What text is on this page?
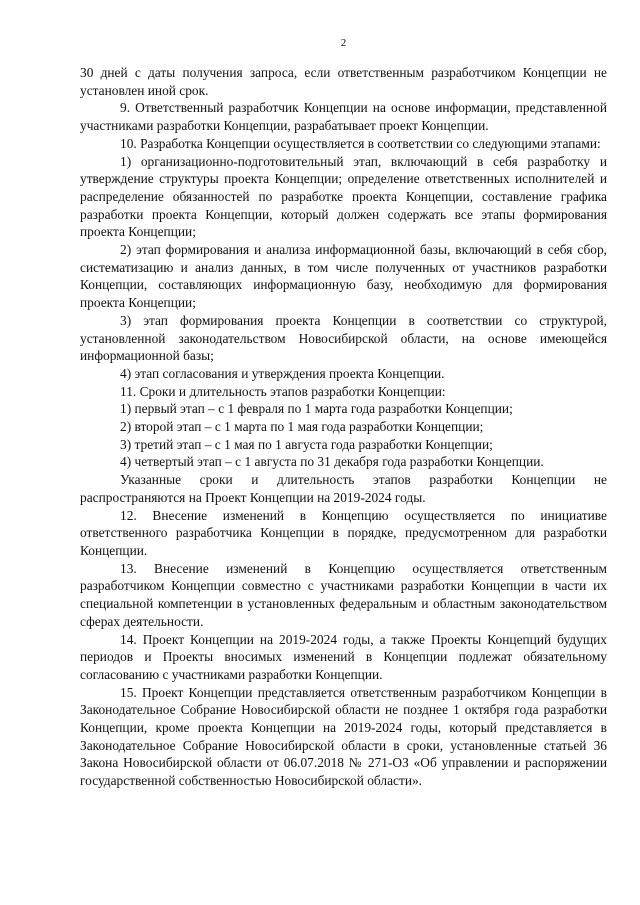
2

30 дней с даты получения запроса, если ответственным разработчиком Концепции не установлен иной срок.

9. Ответственный разработчик Концепции на основе информации, представленной участниками разработки Концепции, разрабатывает проект Концепции.

10. Разработка Концепции осуществляется в соответствии со следующими этапами:

1) организационно-подготовительный этап, включающий в себя разработку и утверждение структуры проекта Концепции; определение ответственных исполнителей и распределение обязанностей по разработке проекта Концепции, составление графика разработки проекта Концепции, который должен содержать все этапы формирования проекта Концепции;

2) этап формирования и анализа информационной базы, включающий в себя сбор, систематизацию и анализ данных, в том числе полученных от участников разработки Концепции, составляющих информационную базу, необходимую для формирования проекта Концепции;

3) этап формирования проекта Концепции в соответствии со структурой, установленной законодательством Новосибирской области, на основе имеющейся информационной базы;

4) этап согласования и утверждения проекта Концепции.

11. Сроки и длительность этапов разработки Концепции:

1) первый этап – с 1 февраля по 1 марта года разработки Концепции;

2) второй этап – с 1 марта по 1 мая года разработки Концепции;

3) третий этап – с 1 мая по 1 августа года разработки Концепции;

4) четвертый этап – с 1 августа по 31 декабря года разработки Концепции.

Указанные сроки и длительность этапов разработки Концепции не распространяются на Проект Концепции на 2019-2024 годы.

12. Внесение изменений в Концепцию осуществляется по инициативе ответственного разработчика Концепции в порядке, предусмотренном для разработки Концепции.

13. Внесение изменений в Концепцию осуществляется ответственным разработчиком Концепции совместно с участниками разработки Концепции в части их специальной компетенции в установленных федеральным и областным законодательством сферах деятельности.

14. Проект Концепции на 2019-2024 годы, а также Проекты Концепций будущих периодов и Проекты вносимых изменений в Концепции подлежат обязательному согласованию с участниками разработки Концепции.

15. Проект Концепции представляется ответственным разработчиком Концепции в Законодательное Собрание Новосибирской области не позднее 1 октября года разработки Концепции, кроме проекта Концепции на 2019-2024 годы, который представляется в Законодательное Собрание Новосибирской области в сроки, установленные статьей 36 Закона Новосибирской области от 06.07.2018 № 271-ОЗ «Об управлении и распоряжении государственной собственностью Новосибирской области».
